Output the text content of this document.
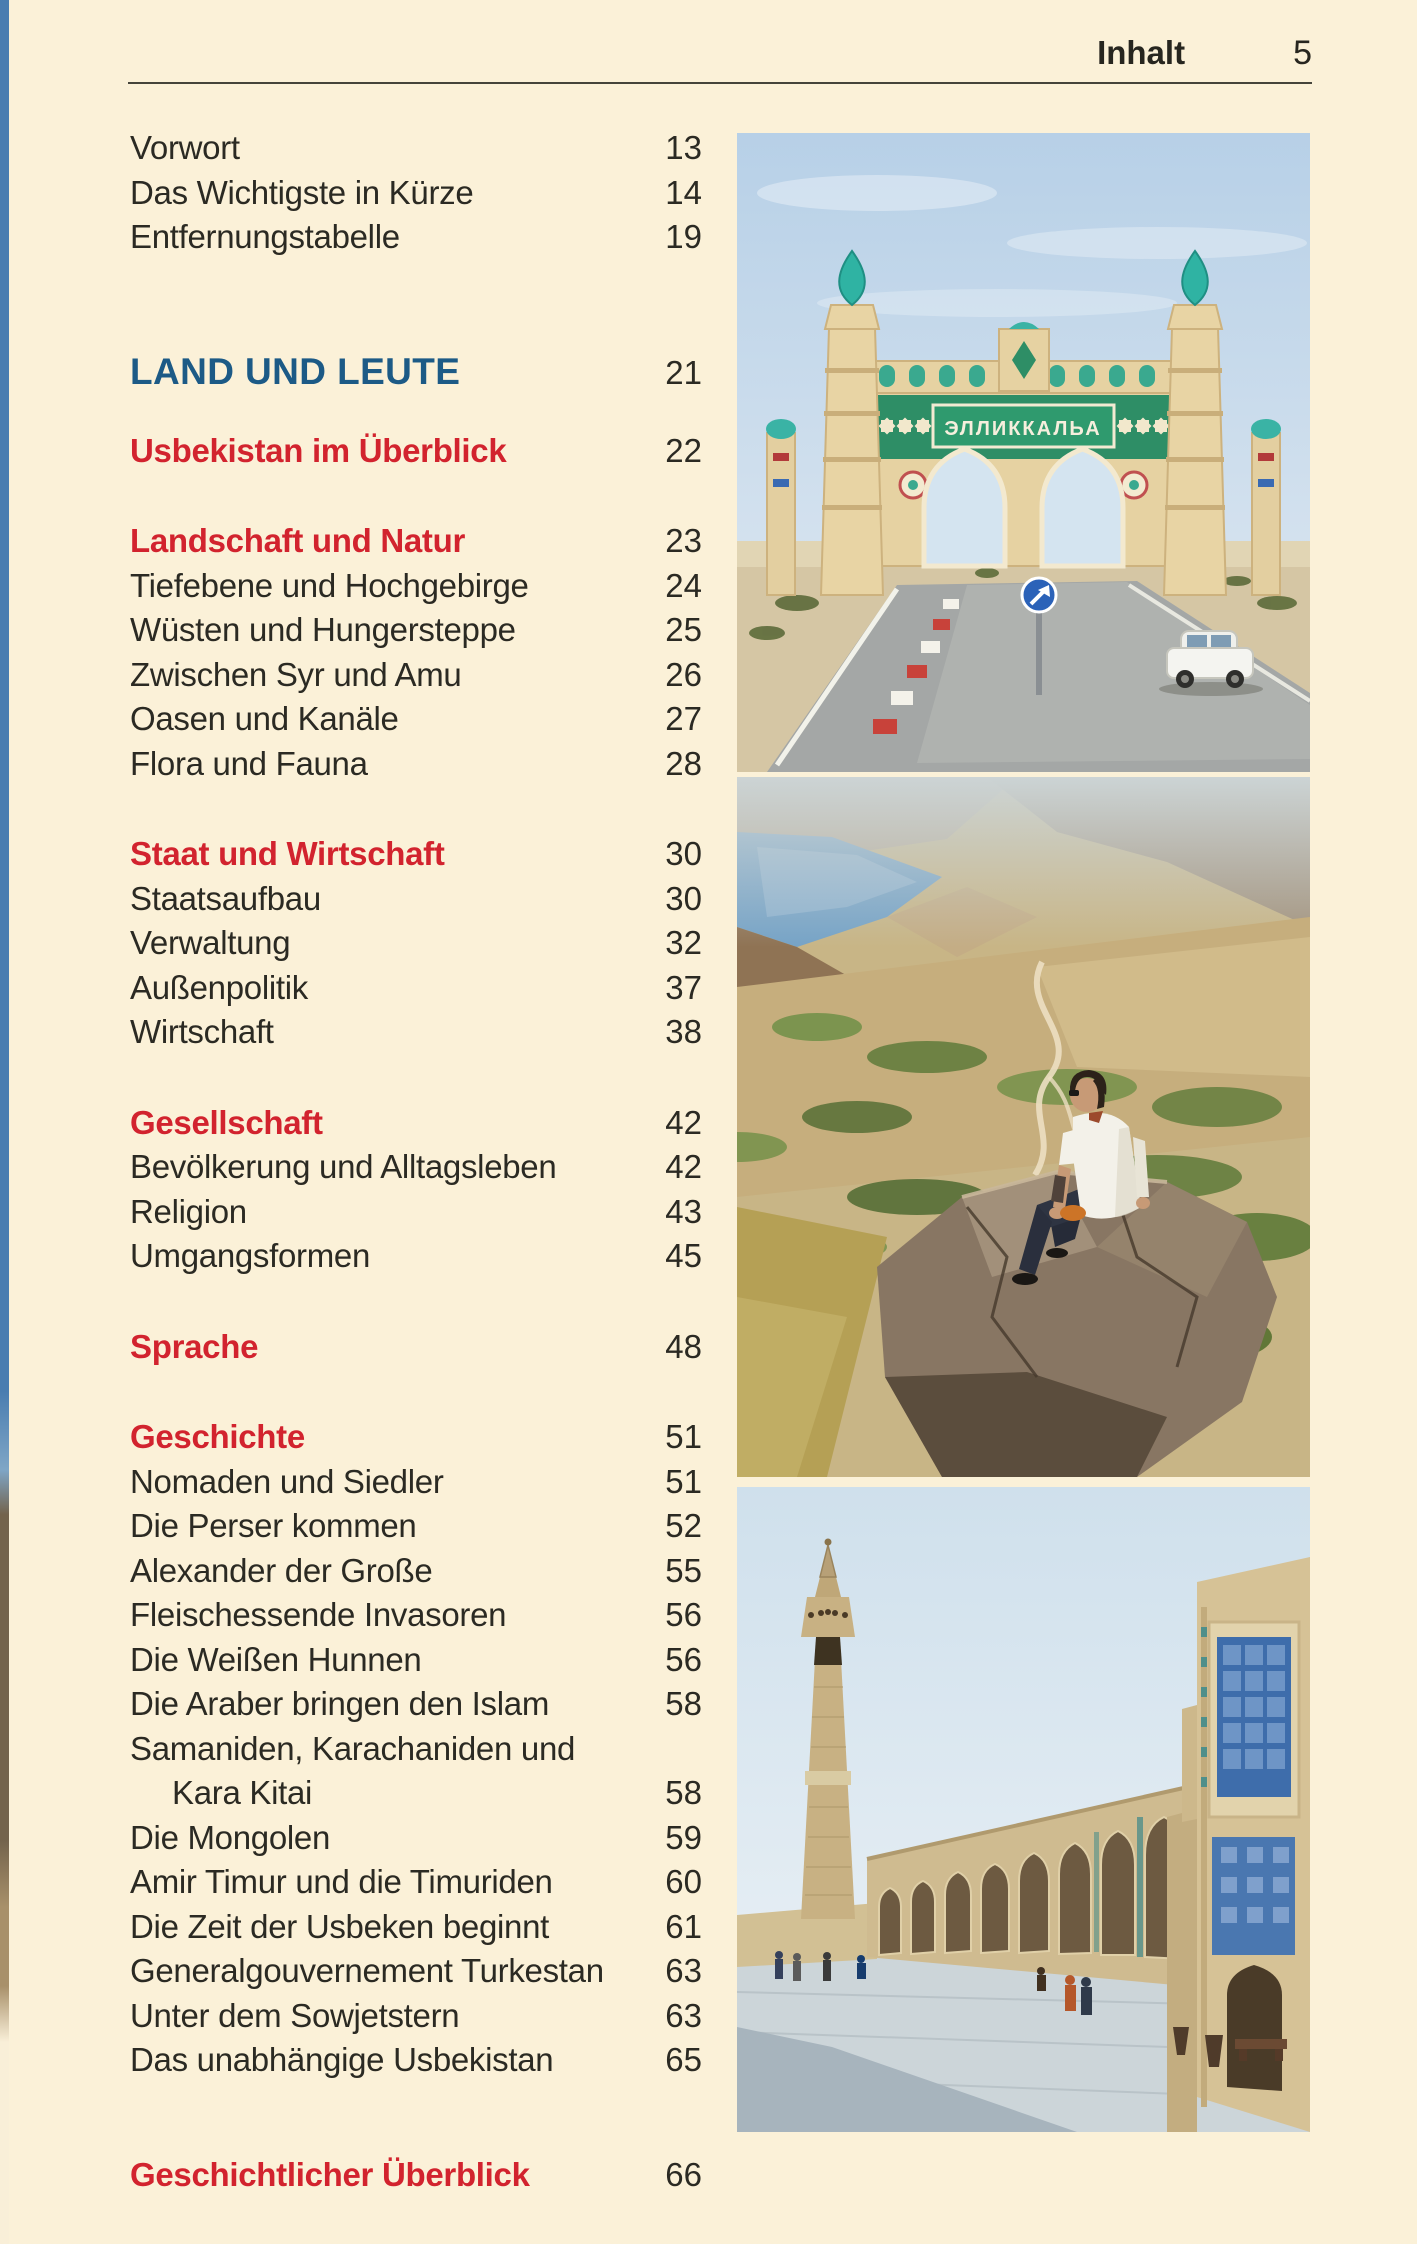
Inhalt	5
Vorwort	13
Das Wichtigste in Kürze	14
Entfernungstabelle	19
LAND UND LEUTE	21
Usbekistan im Überblick	22
Landschaft und Natur	23
Tiefebene und Hochgebirge	24
Wüsten und Hungersteppe	25
Zwischen Syr und Amu	26
Oasen und Kanäle	27
Flora und Fauna	28
Staat und Wirtschaft	30
Staatsaufbau	30
Verwaltung	32
Außenpolitik	37
Wirtschaft	38
Gesellschaft	42
Bevölkerung und Alltagsleben	42
Religion	43
Umgangsformen	45
Sprache	48
Geschichte	51
Nomaden und Siedler	51
Die Perser kommen	52
Alexander der Große	55
Fleischessende Invasoren	56
Die Weißen Hunnen	56
Die Araber bringen den Islam	58
Samaniden, Karachaniden und
Kara Kitai	58
Die Mongolen	59
Amir Timur und die Timuriden	60
Die Zeit der Usbeken beginnt	61
Generalgouvernement Turkestan	63
Unter dem Sowjetstern	63
Das unabhängige Usbekistan	65
Geschichtlicher Überblick	66
ЭЛЛИККАЛЬА
